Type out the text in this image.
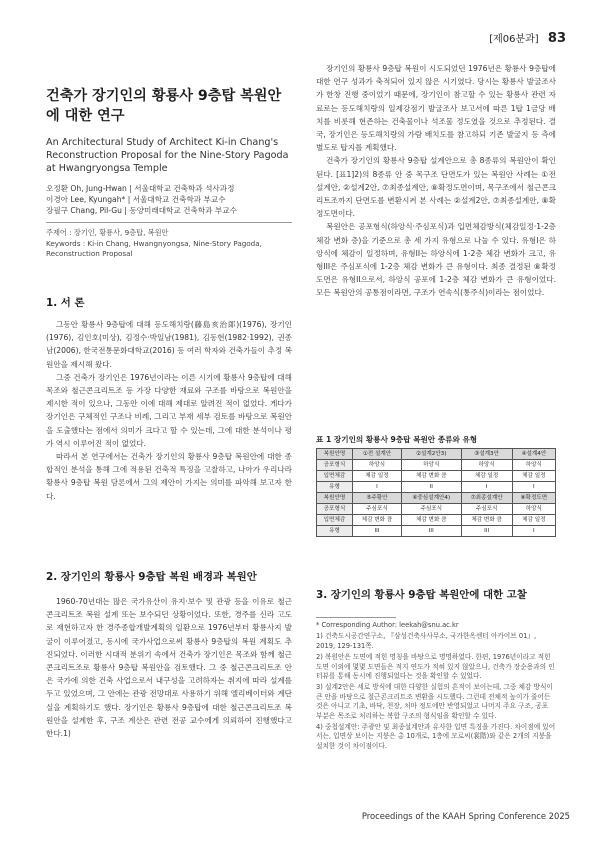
[제06분과] 83
건축가 장기인의 황룡사 9층탑 복원안에 대한 연구
An Architectural Study of Architect Ki-in Chang's Reconstruction Proposal for the Nine-Story Pagoda at Hwangryongsa Temple
오정환 Oh, Jung-Hwan | 서울대학교 건축학과 석사과정
이경아 Lee, Kyungah* | 서울대학교 건축학과 부교수
장필구 Chang, Pil-Gu | 동양미래대학교 건축학과 부교수
주제어 : 장기인, 황룡사, 9층탑, 복원안
Keywords : Ki-in Chang, Hwangnyongsa, Nine-Story Pagoda, Reconstruction Proposal
1. 서 론

그동안 황룡사 9층탑에 대해 등도해치랑(藤島亥治郞)(1976), 장기인(1976), 김인호(미상), 김정수·박일남(1981), 김동현(1982·1992), 권종남(2006), 한국전통문화대학교(2016) 등 여러 학자와 건축가들이 추정 복원안을 제시해 왔다.

그중 건축가 장기인은 1976년이라는 이른 시기에 황룡사 9층탑에 대해 목조와 철근콘크리트조 등 가장 다양한 재료와 구조를 바탕으로 복원안을 제시한 적이 있으나, 그동안 이에 대해 제대로 알려진 적이 없었다. 게다가 장기인은 구체적인 구조나 비례, 그리고 부재 세부 검토를 바탕으로 복원안을 도출했다는 점에서 의미가 크다고 할 수 있는데, 그에 대한 분석이나 평가 역시 이루어진 적이 없었다.

따라서 본 연구에서는 건축가 장기인의 황룡사 9층탑 복원안에 대한 종합적인 분석을 통해 그에 적용된 건축적 특징을 고찰하고, 나아가 우리나라 황룡사 9층탑 복원 담론에서 그의 제안이 가지는 의미를 파악해 보고자 한다.

2. 장기인의 황룡사 9층탑 복원 배경과 복원안

1960-70년대는 많은 국가유산이 유지·보수 및 관광 등을 이유로 철근콘크리트조 복원 설계 또는 보수되던 상황이었다. 또한, 경주를 신라 고도로 재현하고자 한 경주종합개발계획의 일환으로 1976년부터 황룡사지 발굴이 이루어졌고, 동시에 국가사업으로써 황룡사 9층탑의 복원 계획도 추진되었다. 이러한 시대적 분위기 속에서 건축가 장기인은 목조와 함께 철근콘크리트조로 황룡사 9층탑 복원안을 검토했다. 그 중 철근콘크리트조 안은 국가에 의한 건축 사업으로서 내구성을 고려하자는 취지에 따라 설계를 두고 있었으며, 그 안에는 관광 전망대로 사용하기 위해 엘리베이터와 계단실을 계획하기도 했다. 장기인은 황룡사 9층탑에 대한 철근콘크리트조 복원안을 설계한 후, 구조 계산은 관련 전공 교수에게 의뢰하여 진행했다고 한다.1)

장기인의 황룡사 9층탑 복원이 시도되었던 1976년은 황룡사 9층탑에 대한 연구 성과가 축적되어 있지 않은 시기였다. 당시는 황룡사 발굴조사가 한창 진행 중이었기 때문에, 장기인이 참고할 수 있는 황룡사 관련 자료로는 등도해치랑의 일제강점기 발굴조사 보고서에 따른 1탑 1금당 배치를 비롯해 현존하는 건축물이나 석조물 정도였을 것으로 추정된다. 결국, 장기인은 등도해치랑의 가람 배치도를 참고하되 기존 발굴지 등 측에 별도로 탑지를 계획했다.

건축가 장기인의 황룡사 9층탑 설계안으로 총 8종류의 복원안이 확인된다. [표1]2)의 8종류 안 중 목구조 단면도가 있는 복원안 사례는 ①전 설계안, ②설계2안, ⑦최종설계안, ⑧확정도면이며, 목구조에서 철근콘크리트조까지 단면도를 변환시켜 본 사례는 ②설계2안, ⑦최종설계안, ⑧확정도면이다.

복원안은 공포형식(하앙식·주심포식)과 입면체감방식(체감일정·1-2층 체감 변화 층)을 기준으로 총 세 가지 유형으로 나눌 수 있다. 유형I은 하앙식에 체감이 일정하며, 유형II는 하앙식에 1-2층 체감 변화가 크고, 유형III은 주심포식에 1-2층 체감 변화가 큰 유형이다. 최종 결정된 ⑧확정도면은 유형II으로서, 하앙식 공포에 1-2층 체감 변화가 큰 유형이었다. 모든 복원안의 공통점이라면, 구조가 연속식(통주식)이라는 점이었다.

표 1 장기인의 황룡사 9층탑 복원안 종류와 유형
복원안명	①전 설계안	②설계2안3)	③설계3안	④설계4안
공포형식	하앙식	하앙식	하앙식	하앙식
입면체감	체감 일정	체감 변화 큼	체감 일정	체감 일정
유형	I	II	I	I
복원안명	⑤주황안	⑥중심설계안4)	⑦최종설계안	⑧확정도면
공포형식	주심포식	주심포식	주심포식	하앙식
입면체감	체감 변화 큼	체감 변화 큼	체감 변화 큼	체감 일정
유형	III	III	III	I
3. 장기인의 황룡사 9층탑 복원안에 대한 고찰

* Corresponding Author: leekah@snu.ac.kr

1) 건축도시공간연구소, 『삼성건축사사무소, 국가한옥센터 아카이브 01』, 2019, 129-131쪽.

2) 복원안은 도면에 적힌 명칭을 바탕으로 명명하였다. 한편, 1976년이라고 적힌 도면 이외에 몇몇 도면들은 적지 연도가 적혀 있지 않았으나, 건축가 장순용과의 인터뷰를 통해 동시에 진행되었다는 것을 확인할 수 있었다.

3) 설계2안은 세로 방식에 대한 다양한 실험의 흔적이 보이는데, 그중 체감 방식이 큰 안을 바탕으로 철근콘크리트조 변환을 시도했다. 그런데 전체적 높이가 줄어든 것은 아니고 기초, 바닥, 천장, 처마 정도에만 반영되었고 나머지 주요 구조, 공포 부분은 목조로 처리하는 복합 구조의 형식임을 확인할 수 있다.

4) 중첩설계안: 주광안 및 최종설계안과 유사한 입면 특징을 가진다. 차이점에 있어서는, 입면상 보이는 지붕은 총 10개로, 1층에 모로씨(裳階)와 같은 2개의 지붕을 설치한 것이 차이점이다.

Proceedings of the KAAH Spring Conference 2025
